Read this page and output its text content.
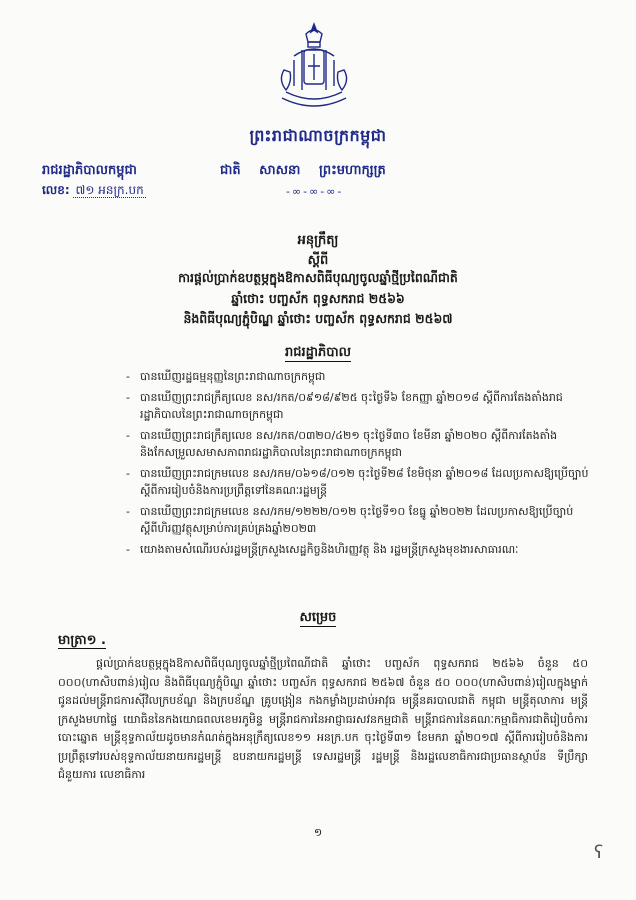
ព្រះរាជាណាចក្រកម្ពុជា
រាជរដ្ឋាភិបាលកម្ពុជា	ជាតិ សាសនា ព្រះមហាក្សត្រ
លេខ: ៧១ អនក្រ.បក	-∞-∞-∞-
អនុក្រឹត្យ
ស្តីពី
ការផ្តល់ប្រាក់ឧបត្ថម្ភក្នុងឱកាសពិធីបុណ្យចូលឆ្នាំថ្មីប្រពៃណីជាតិ
ឆ្នាំថោះ បញ្ចស័ក ពុទ្ធសករាជ ២៥៦៦
និងពិធីបុណ្យភ្ជុំបិណ្ឌ ឆ្នាំថោះ បញ្ចស័ក ពុទ្ធសករាជ ២៥៦៧
រាជរដ្ឋាភិបាល
- បានឃើញរដ្ឋធម្មនុញ្ញនៃព្រះរាជាណាចក្រកម្ពុជា
- បានឃើញព្រះរាជក្រឹត្យលេខ នស/រកត/០៩១៨/៩២៥ ចុះថ្ងៃទី៦ ខែកញ្ញា ឆ្នាំ២០១៨ ស្តីពីការតែងតាំងរាជរដ្ឋាភិបាលនៃព្រះរាជាណាចក្រកម្ពុជា
- បានឃើញព្រះរាជក្រឹត្យលេខ នស/រកត/០៣២០/៤២១ ចុះថ្ងៃទី៣០ ខែមីនា ឆ្នាំ២០២០ ស្តីពីការតែងតាំងនិងកែសម្រួលសមាសភាពរាជរដ្ឋាភិបាលនៃព្រះរាជាណាចក្រកម្ពុជា
- បានឃើញព្រះរាជក្រមលេខ នស/រកម/០៦១៨/០១២ ចុះថ្ងៃទី២៨ ខែមិថុនា ឆ្នាំ២០១៨ ដែលប្រកាសឱ្យប្រើច្បាប់ស្តីពីការរៀបចំនិងការប្រព្រឹត្តទៅនៃគណៈរដ្ឋមន្ត្រី
- បានឃើញព្រះរាជក្រមលេខ នស/រកម/១២២២/០១២ ចុះថ្ងៃទី១០ ខែធ្នូ ឆ្នាំ២០២២ ដែលប្រកាសឱ្យប្រើច្បាប់ស្តីពីហិរញ្ញវត្ថុសម្រាប់ការគ្រប់គ្រងឆ្នាំ២០២៣
- យោងតាមសំណើរបស់រដ្ឋមន្ត្រីក្រសួងសេដ្ឋកិច្ចនិងហិរញ្ញវត្ថុ និង រដ្ឋមន្ត្រីក្រសួងមុខងារសាធារណៈ
សម្រេច
មាត្រា១ .
ផ្តល់ប្រាក់ឧបត្ថម្ភក្នុងឱកាសពិធីបុណ្យចូលឆ្នាំថ្មីប្រពៃណីជាតិ ឆ្នាំថោះ បញ្ចស័ក ពុទ្ធសករាជ ២៥៦៦ ចំនួន ៥០ ០០០(ហាសិបពាន់)រៀល និងពិធីបុណ្យភ្ជុំបិណ្ឌ ឆ្នាំថោះ បញ្ចស័ក ពុទ្ធសករាជ ២៥៦៧ ចំនួន ៥០ ០០០(ហាសិបពាន់)រៀលក្នុងម្នាក់ ជូនដល់មន្ត្រីរាជការស៊ីវិលក្របខ័ណ្ឌ និងក្របខ័ណ្ឌ គ្រូបង្រៀន កងកម្លាំងប្រដាប់អាវុធ មន្ត្រីនគរបាលជាតិ កម្ពុជា មន្ត្រីតុលាការ មន្ត្រីក្រសួងមហាផ្ទៃ យោធិននៃកងយោធពលខេមរភូមិន្ទ មន្ត្រីរាជការនៃអាជ្ញាធរសវនកម្មជាតិ មន្ត្រីរាជការនៃគណៈកម្មាធិការជាតិរៀបចំការបោះឆ្នោត មន្ត្រីខុទ្ទកាល័យដូចមានកំណត់ក្នុងអនុក្រឹត្យលេខ១១ អនក្រ.បក ចុះថ្ងៃទី៣១ ខែមករា ឆ្នាំ២០១៧ ស្តីពីការរៀបចំនិងការប្រព្រឹត្តទៅរបស់ខុទ្ទកាល័យនាយករដ្ឋមន្ត្រី ឧបនាយករដ្ឋមន្ត្រី ទេសរដ្ឋមន្ត្រី រដ្ឋមន្ត្រី និងរដ្ឋលេខាធិការជាប្រធានស្ថាប័ន ទីប្រឹក្សា ជំនួយការ លេខាធិការ
១
ʕ
